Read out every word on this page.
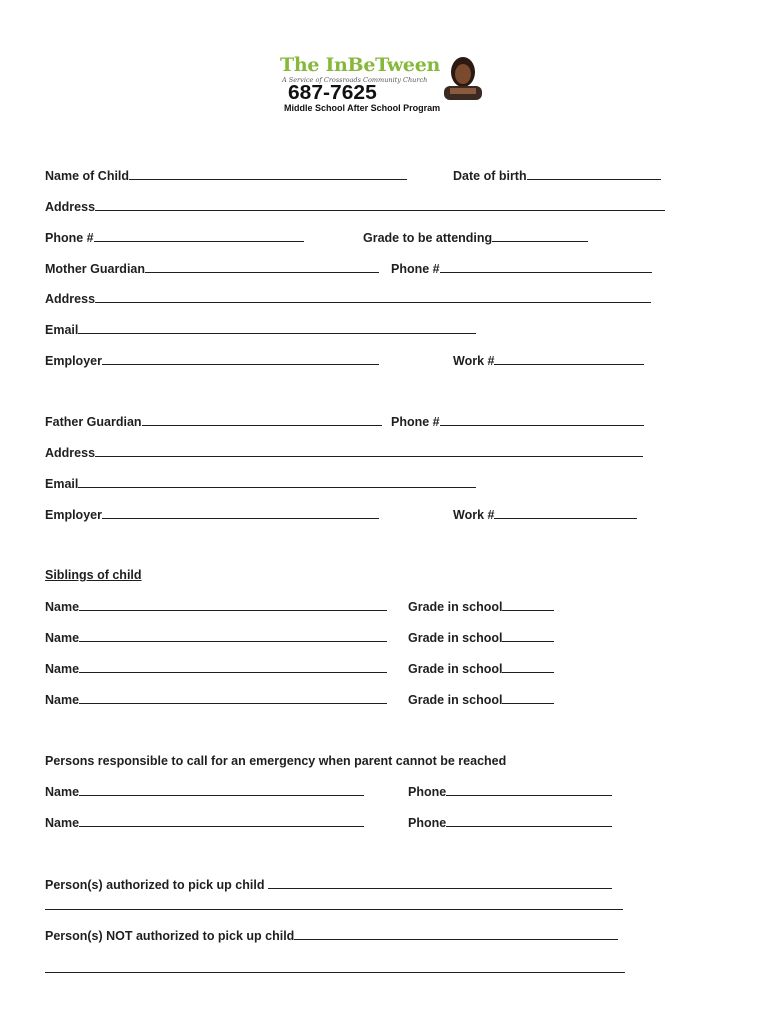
The InBeTween
A Service of Crossroads Community Church
687-7625
Middle School After School Program
Name of Child	Date of birth
Address
Phone #	Grade to be attending
Mother Guardian	Phone #
Address
Email
Employer	Work #
Father Guardian	Phone #
Address
Email
Employer	Work #
Siblings of child
Name	Grade in school
Name	Grade in school
Name	Grade in school
Name	Grade in school
Persons responsible to call for an emergency when parent cannot be reached
Name	Phone
Name	Phone
Person(s) authorized to pick up child
Person(s) NOT authorized to pick up child
